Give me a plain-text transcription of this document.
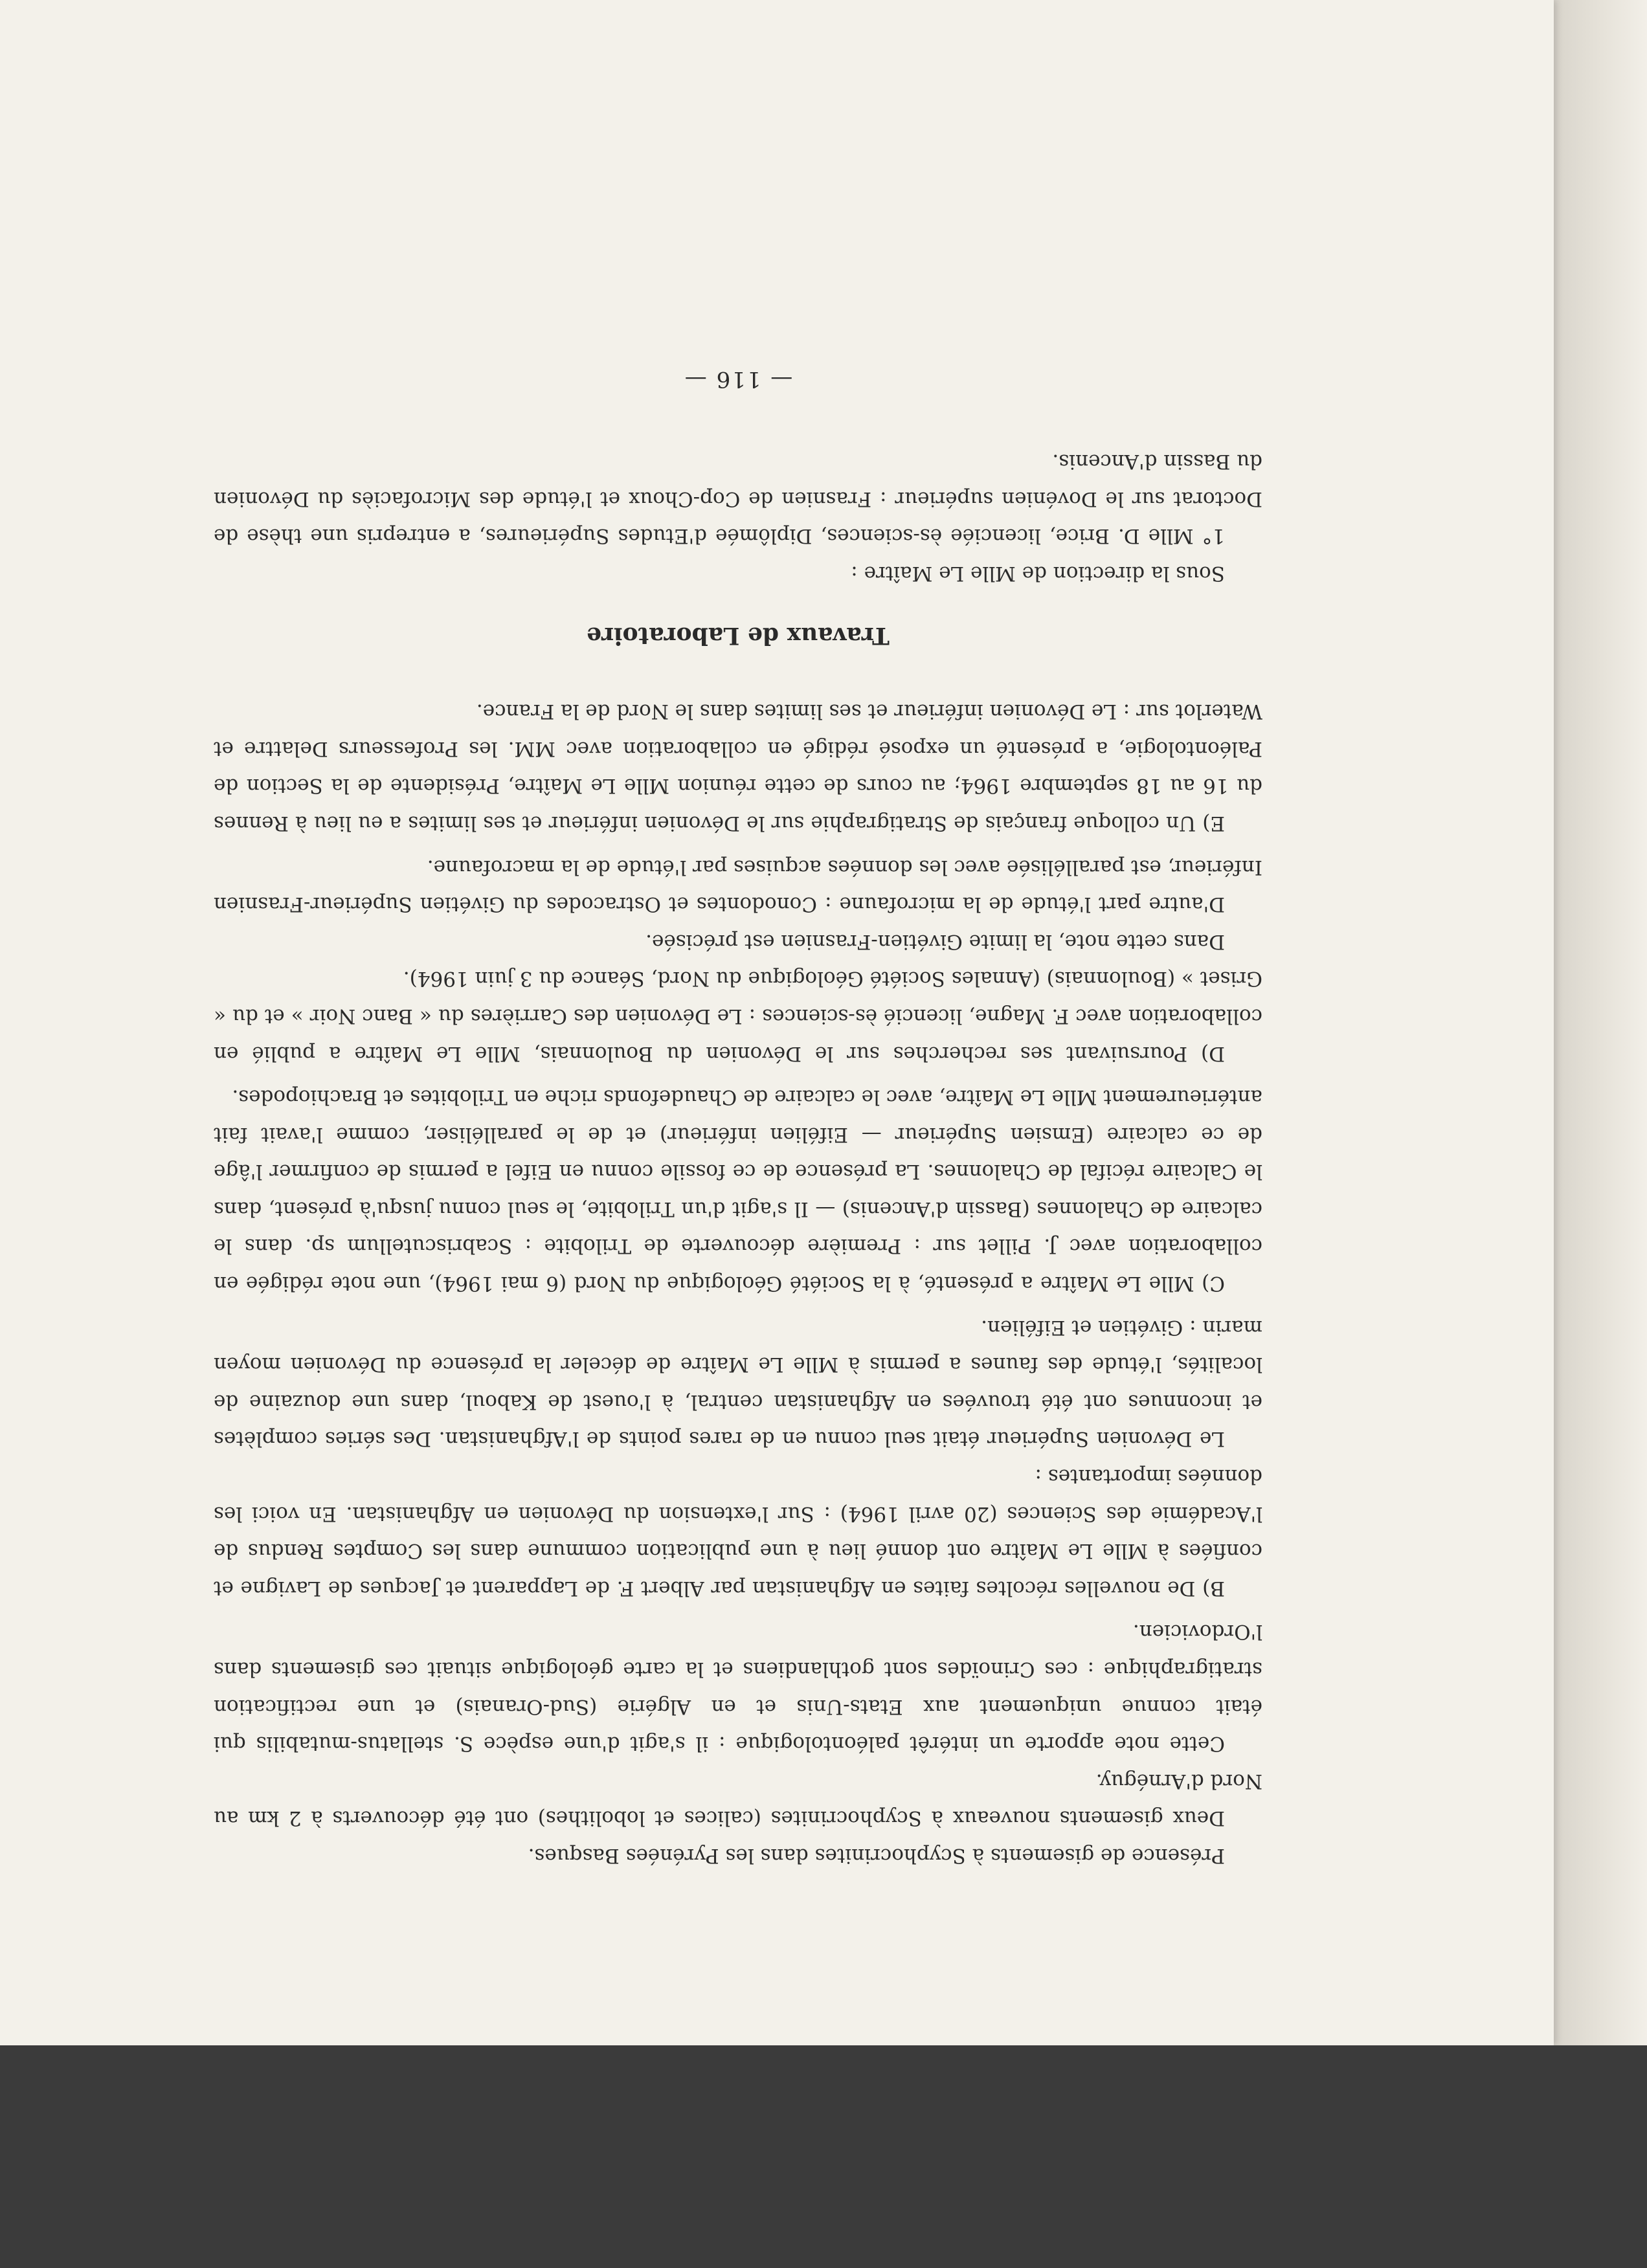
Présence de gisements à Scyphocrinites dans les Pyrénées Basques.

Deux gisements nouveaux à Scyphocrinites (calices et lobolithes) ont été découverts à 2 km au Nord d'Arnéguy.

Cette note apporte un intérêt paléontologique : il s'agit d'une espèce S. stellatus-mutabilis qui était connue uniquement aux Etats-Unis et en Algérie (Sud-Oranais) et une rectification stratigraphique : ces Crinoïdes sont gothlandiens et la carte géologique situait ces gisements dans l'Ordovicien.

B) De nouvelles récoltes faites en Afghanistan par Albert F. de Lapparent et Jacques de Lavigne et confiées à Mlle Le Maître ont donné lieu à une publication commune dans les Comptes Rendus de l'Académie des Sciences (20 avril 1964) : Sur l'extension du Dévonien en Afghanistan. En voici les données importantes :

Le Dévonien Supérieur était seul connu en de rares points de l'Afghanistan. Des séries complètes et inconnues ont été trouvées en Afghanistan central, à l'ouest de Kaboul, dans une douzaine de localités, l'étude des faunes a permis à Mlle Le Maître de déceler la présence du Dévonien moyen marin : Givétien et Eifélien.

C) Mlle Le Maître a présenté, à la Société Géologique du Nord (6 mai 1964), une note rédigée en collaboration avec J. Pillet sur : Première découverte de Trilobite : Scabriscutellum sp. dans le calcaire de Chalonnes (Bassin d'Ancenis) — Il s'agit d'un Trilobite, le seul connu jusqu'à présent, dans le Calcaire récifal de Chalonnes. La présence de ce fossile connu en Eifel a permis de confirmer l'âge de ce calcaire (Emsien Supérieur — Eifélien inférieur) et de le paralléliser, comme l'avait fait antérieurement Mlle Le Maître, avec le calcaire de Chaudefonds riche en Trilobites et Brachiopodes.

D) Poursuivant ses recherches sur le Dévonien du Boulonnais, Mlle Le Maître a publié en collaboration avec F. Magne, licencié ès-sciences : Le Dévonien des Carrières du « Banc Noir » et du « Griset » (Boulonnais) (Annales Société Géologique du Nord, Séance du 3 juin 1964).

Dans cette note, la limite Givétien-Frasnien est précisée.

D'autre part l'étude de la microfaune : Conodontes et Ostracodes du Givétien Supérieur-Frasnien Inférieur, est parallélisée avec les données acquises par l'étude de la macrofaune.

E) Un colloque français de Stratigraphie sur le Dévonien inférieur et ses limites a eu lieu à Rennes du 16 au 18 septembre 1964; au cours de cette réunion Mlle Le Maître, Présidente de la Section de Paléontologie, a présenté un exposé rédigé en collaboration avec MM. les Professeurs Delattre et Waterlot sur : Le Dévonien inférieur et ses limites dans le Nord de la France.

Travaux de Laboratoire

Sous la direction de Mlle Le Maître :

1° Mlle D. Brice, licenciée ès-sciences, Diplômée d'Etudes Supérieures, a entrepris une thèse de Doctorat sur le Dovénien supérieur : Frasnien de Cop-Choux et l'étude des Microfaciès du Dévonien du Bassin d'Ancenis.

— 116 —
